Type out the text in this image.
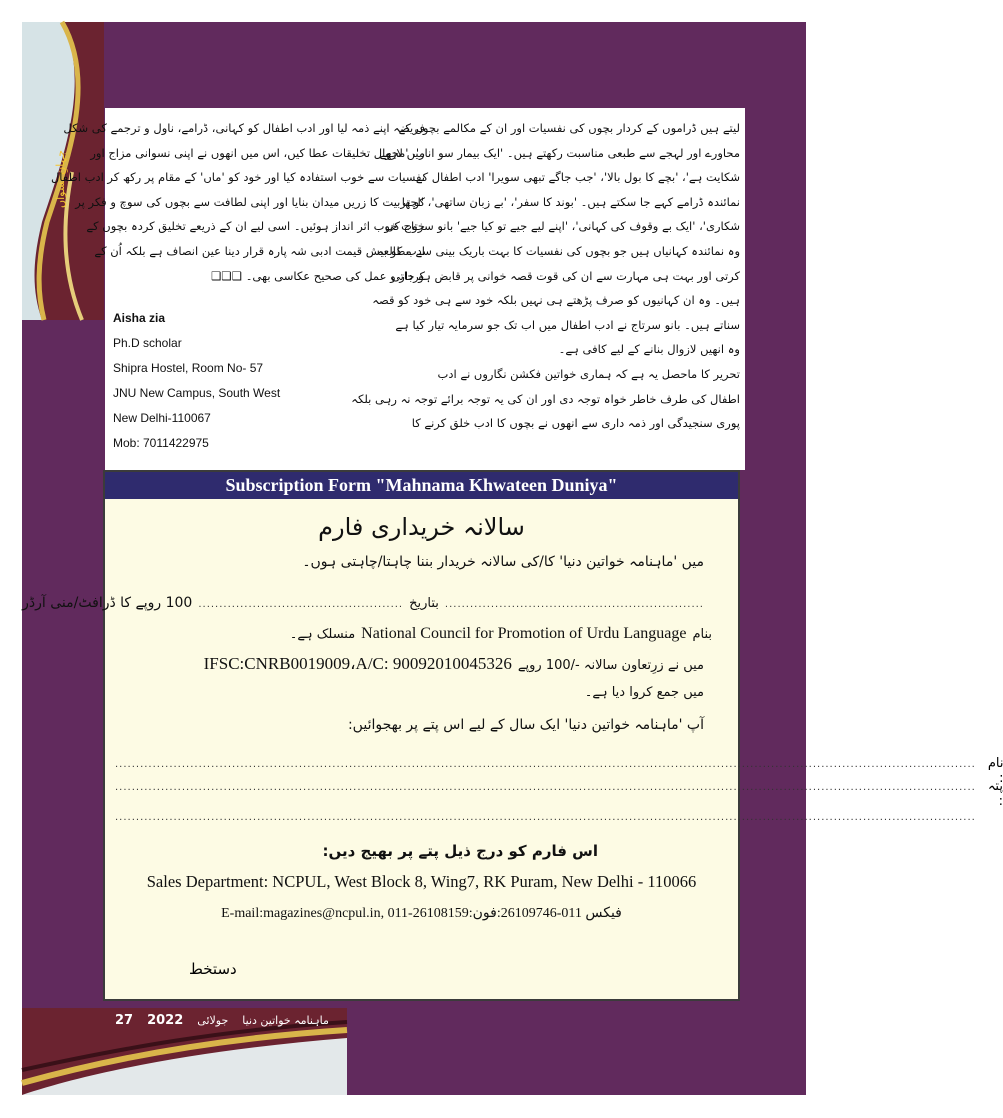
جہانِ نسواں
لیتے ہیں ڈراموں کے کردار بچوں کی نفسیات اور ان کے مکالمے بچوں کے
محاورے اور لہجے سے طبعی مناسبت رکھتے ہیں۔ 'ایک بیمار سو انار'، 'مجھے
شکایت ہے'، 'بچے کا بول بالا'، 'جب جاگے تبھی سویرا' ادب اطفال کے
نمائندہ ڈرامے کہے جا سکتے ہیں۔ 'بوند کا سفر'، 'بے زبان ساتھی'، 'اچھا
شکاری'، 'ایک بے وقوف کی کہانی'، 'اپنے لیے جیے تو کیا جیے' بانو سرتاج کی
وہ نمائندہ کہانیاں ہیں جو بچوں کی نفسیات کا بہت باریک بینی سے مطالعہ
کرتی اور بہت ہی مہارت سے ان کی قوت قصہ خوانی پر قابض ہو جاتی
ہیں۔ وہ ان کہانیوں کو صرف پڑھتے ہی نہیں بلکہ خود سے ہی خود کو قصہ
سناتے ہیں۔ بانو سرتاج نے ادب اطفال میں اب تک جو سرمایہ تیار کیا ہے
وہ انھیں لازوال بنانے کے لیے کافی ہے۔
تحریر کا ماحصل یہ ہے کہ ہماری خواتین فکشن نگاروں نے ادب
اطفال کی طرف خاطر خواہ توجہ دی اور ان کی یہ توجہ برائے توجہ نہ رہی بلکہ
پوری سنجیدگی اور ذمہ داری سے انھوں نے بچوں کا ادب خلق کرنے کا
فریضہ اپنے ذمہ لیا اور ادب اطفال کو کہانی، ڈرامے، ناول و ترجمے کی شکل
میں لازوال تخلیقات عطا کیں، اس میں انھوں نے اپنی نسوانی مزاج اور
نفسیات سے خوب استفادہ کیا اور خود کو 'ماں' کے مقام پر رکھ کر ادب اطفال
کو تربیت کا زریں میدان بنایا اور اپنی لطافت سے بچوں کی سوچ و فکر پر
خوب خوب اثر انداز ہوئیں۔ اسی لیے ان کے ذریعے تخلیق کردہ بچوں کے
ادب کو بیش قیمت ادبی شہ پارہ قرار دینا عین انصاف ہے بلکہ اُن کے
کردار و عمل کی صحیح عکاسی بھی۔ ❑❑❑
Aisha zia
Ph.D scholar
Shipra Hostel, Room No- 57
JNU New Campus, South West
New Delhi-110067
Mob: 7011422975
Subscription Form "Mahnama Khwateen Duniya"
سالانہ خریداری فارم
میں 'ماہنامہ خواتین دنیا' کا/کی سالانہ خریدار بننا چاہتا/چاہتی ہوں۔
100 روپے کا ڈرافٹ/منی آرڈر ................................................. بتاریخ ..............................................................
منسلک ہے۔ National Council for Promotion of Urdu Language بنام
IFSC:CNRB0019009،A/C: 90092010045326 میں نے زرِتعاون سالانہ -/100 روپے
میں جمع کروا دیا ہے۔
آپ 'ماہنامہ خواتین دنیا' ایک سال کے لیے اس پتے پر بھجوائیں:
.............................................................................................................................................................................................................. نام
.............................................................................................................................................................................................................. پتہ :
..............................................................................................................................................................................................................
اس فارم کو درج ذیل پتے پر بھیج دیں:
Sales Department: NCPUL, West Block 8, Wing7, RK Puram, New Delhi - 110066
E-mail:magazines@ncpul.in, 011-26108159:	فیکس 011-26109746:فون
دستخط
27 2022 جولائی ماہنامہ خواتین دنیا
